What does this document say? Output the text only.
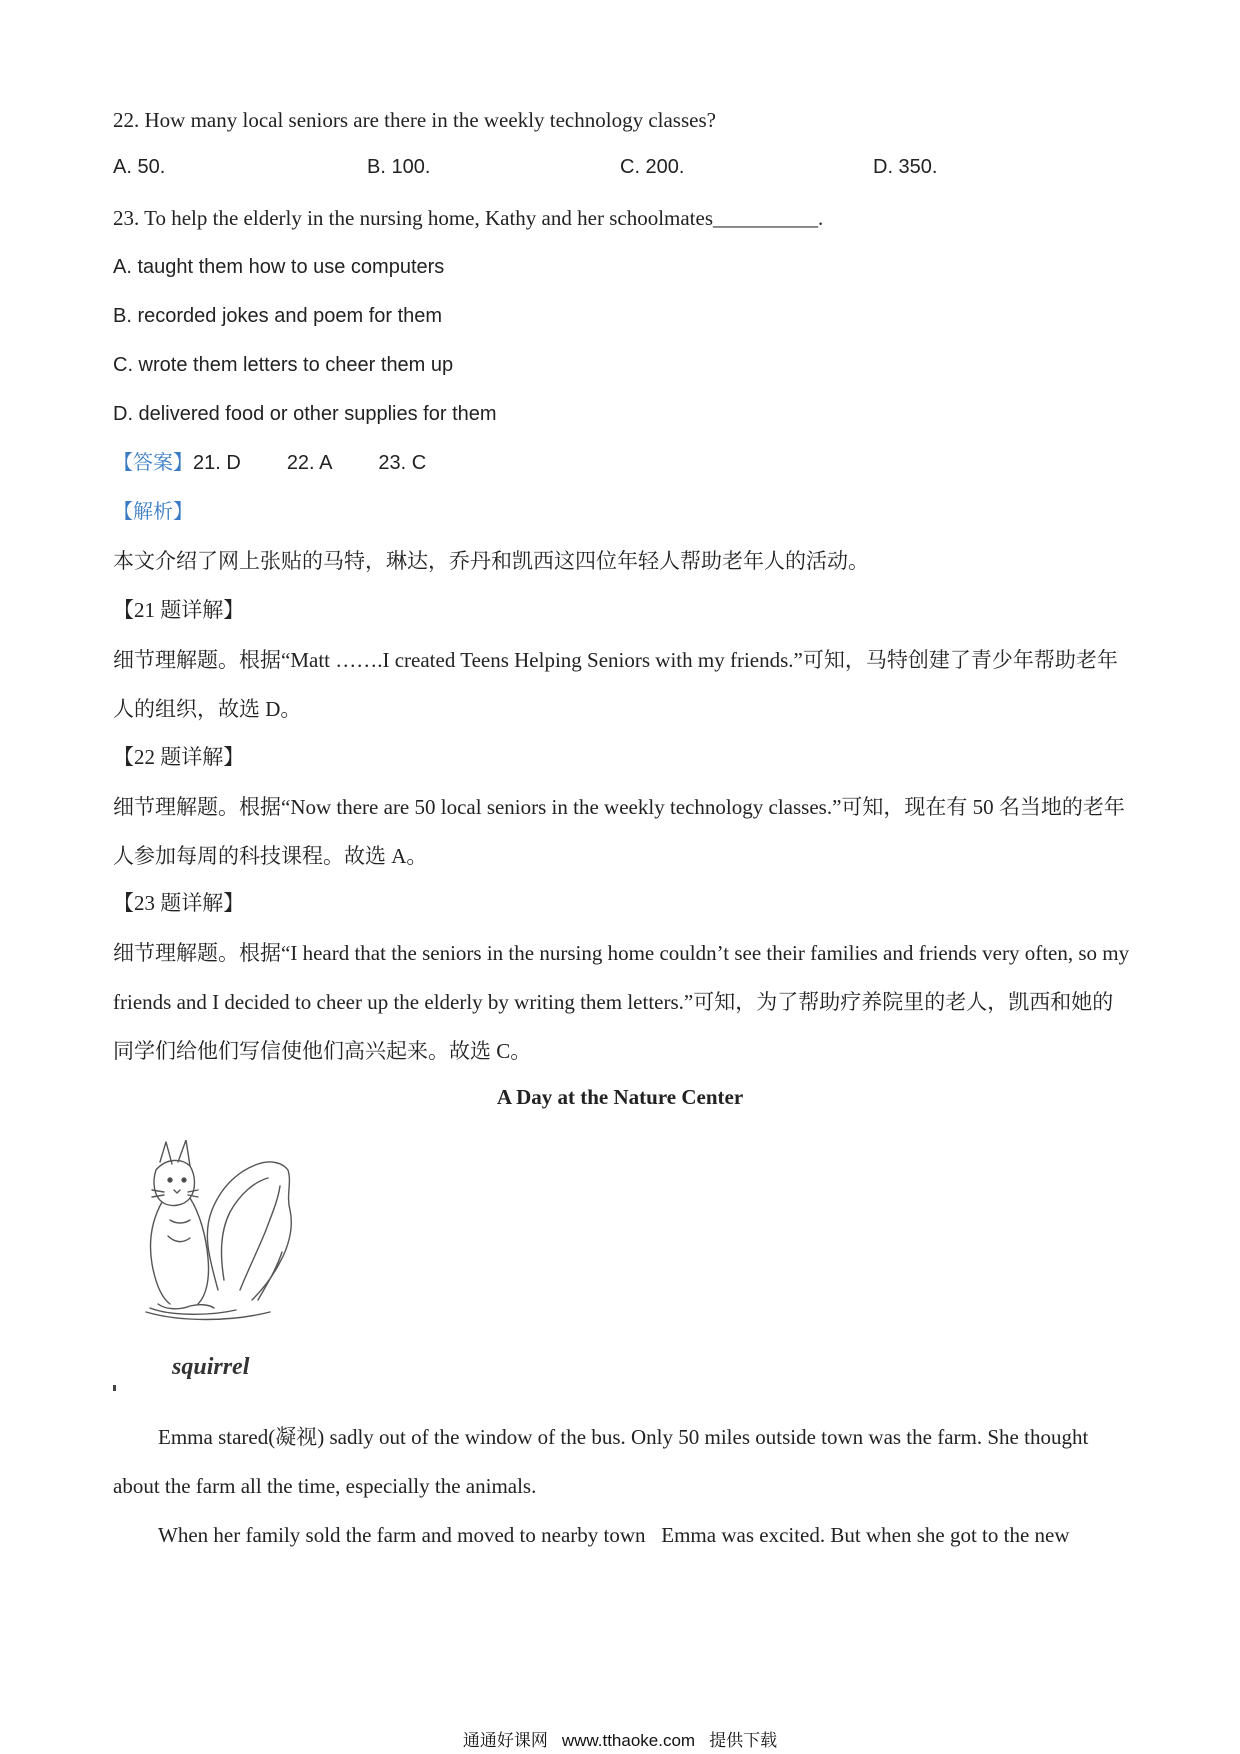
22. How many local seniors are there in the weekly technology classes?
A. 50.	B. 100.	C. 200.	D. 350.
23. To help the elderly in the nursing home, Kathy and her schoolmates__________.
A. taught them how to use computers
B. recorded jokes and poem for them
C. wrote them letters to cheer them up
D. delivered food or other supplies for them
【答案】21. D 22. A 23. C
【解析】
本文介绍了网上张贴的马特，琳达，乔丹和凯西这四位年轻人帮助老年人的活动。
【21 题详解】
细节理解题。根据“Matt …….I created Teens Helping Seniors with my friends.”可知，马特创建了青少年帮助老年人的组织，故选 D。
【22 题详解】
细节理解题。根据“Now there are 50 local seniors in the weekly technology classes.”可知，现在有 50 名当地的老年人参加每周的科技课程。故选 A。
【23 题详解】
细节理解题。根据“I heard that the seniors in the nursing home couldn’t see their families and friends very often, so my friends and I decided to cheer up the elderly by writing them letters.”可知，为了帮助疗养院里的老人，凯西和她的同学们给他们写信使他们高兴起来。故选 C。
A Day at the Nature Center
squirrel
Emma stared(凝视) sadly out of the window of the bus. Only 50 miles outside town was the farm. She thought about the farm all the time, especially the animals.
When her family sold the farm and moved to nearby town   Emma was excited. But when she got to the new
通通好课网 www.tthaoke.com 提供下载
